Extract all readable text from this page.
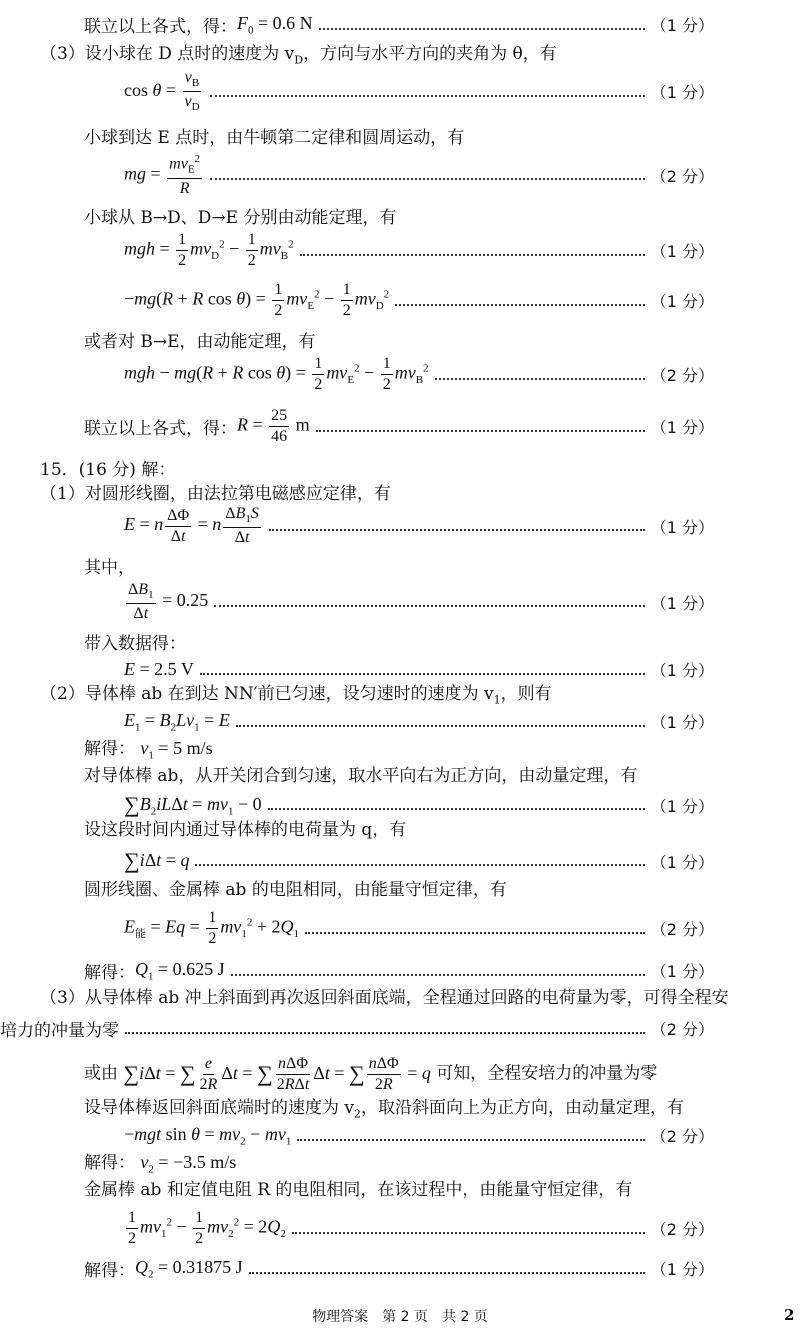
联立以上各式，得： $F_0 = 0.6$ N	（1 分）
（3）设小球在 D 点时的速度为 $v_D$，方向与水平方向的夹角为 θ，有
$\cos \theta = \frac{v_B}{v_D}$	（1 分）
小球到达 E 点时，由牛顿第二定律和圆周运动，有
mg = $\frac{mv_E^2}{R}$	（2 分）
小球从 B→D、D→E 分别由动能定理，有
mgh = $\frac{1}{2} mv_D^2 - \frac{1}{2} mv_B^2$	（1 分）
−mg(R + R $\cos \theta) = \frac{1}{2} mv_E^2 - \frac{1}{2} mv_D^2$	（1 分）
或者对 B→E，由动能定理，有
mgh − mg(R + R $\cos \theta) = \frac{1}{2} mv_E^2 - \frac{1}{2} mv_B^2$	（2 分）
联立以上各式，得： $R = \frac{25}{46}$ m	（1 分）
15．(16 分) 解：
（1）对圆形线圈，由法拉第电磁感应定律，有
E = n $\frac{\Delta\Phi}{\Delta t} = n \frac{\Delta B_1S}{\Delta t}$	（1 分）
其中，
$\frac{\Delta B_1}{\Delta t} = 0.25$	（1 分）
带入数据得：
E = 2.5 V	（1 分）
（2）导体棒 ab 在到达 NN′前已匀速，设匀速时的速度为 $v_1$，则有
$E_1 = B_2Lv_1 = E$	（1 分）
解得： $v_1 = 5$ m/s
对导体棒 ab，从开关闭合到匀速，取水平向右为正方向，由动量定理，有
$\sum B_2iL\Delta t = mv_1 - 0$	（1 分）
设这段时间内通过导体棒的电荷量为 q，有
∑iΔt = q	（1 分）
圆形线圈、金属棒 ab 的电阻相同，由能量守恒定律，有
$E_能 = Eq = \frac{1}{2} mv_1^2 + 2Q_1$	（2 分）
解得： $Q_1 = 0.625$ J	（1 分）
（3）从导体棒 ab 冲上斜面到再次返回斜面底端，全程通过回路的电荷量为零，可得全程安
培力的冲量为零	（2 分）
或由 ∑iΔt = ∑ $\frac{e}{2R}$ Δt = ∑ $\frac{\text{nΔΦ}}{\text{2RΔt}}$ Δt = ∑ $\frac{\text{nΔΦ}}{2R} = q$ 可知，全程安培力的冲量为零
设导体棒返回斜面底端时的速度为 $v_2$，取沿斜面向上为正方向，由动量定理，有
−mgt $\sin \theta = mv_2 - mv_1$	（2 分）
解得： $v_2 = -3.5$ m/s
金属棒 ab 和定值电阻 R 的电阻相同，在该过程中，由能量守恒定律，有
$\frac{1}{2} mv_1^2 - \frac{1}{2} mv_2^2 = 2Q_2$	（2 分）
解得： $Q_2 = 0.31875$ J	（1 分）
物理答案　第 2 页　共 2 页	2
